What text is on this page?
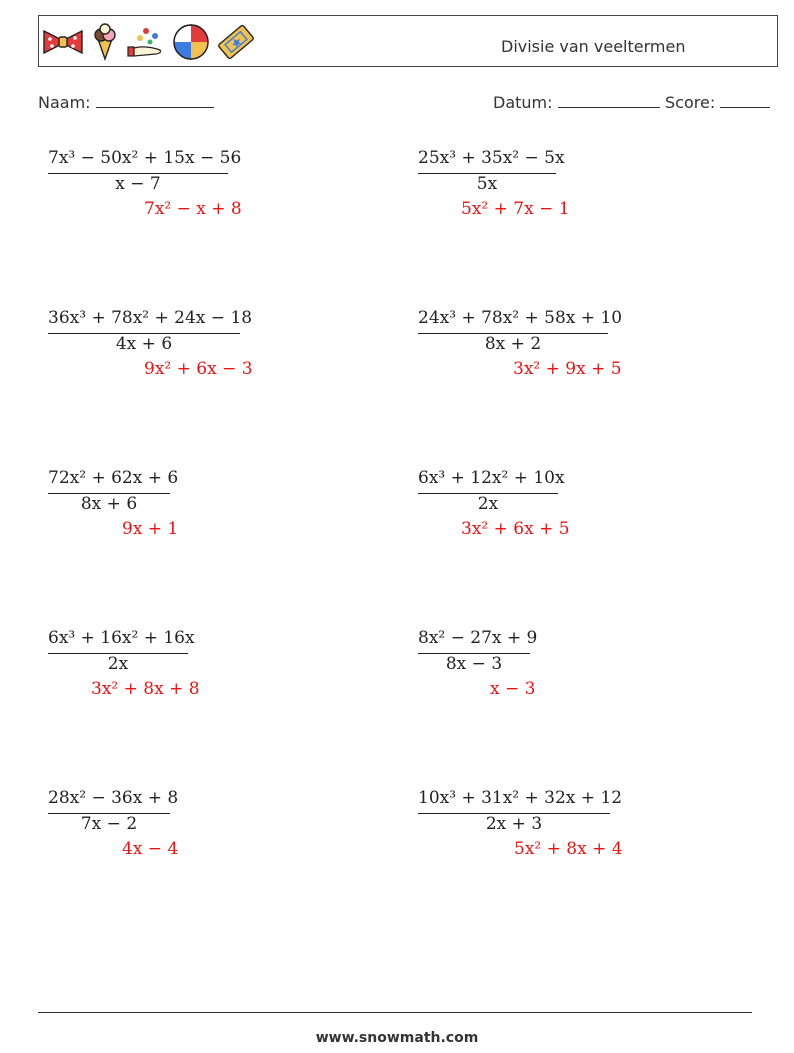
Divisie van veeltermen
Naam:	Datum:	Score:
7x³ − 50x² + 15x − 56
x − 7
7x² − x + 8
25x³ + 35x² − 5x
5x
5x² + 7x − 1
36x³ + 78x² + 24x − 18
4x + 6
9x² + 6x − 3
24x³ + 78x² + 58x + 10
8x + 2
3x² + 9x + 5
72x² + 62x + 6
8x + 6
9x + 1
6x³ + 12x² + 10x
2x
3x² + 6x + 5
6x³ + 16x² + 16x
2x
3x² + 8x + 8
8x² − 27x + 9
8x − 3
x − 3
28x² − 36x + 8
7x − 2
4x − 4
10x³ + 31x² + 32x + 12
2x + 3
5x² + 8x + 4
www.snowmath.com
